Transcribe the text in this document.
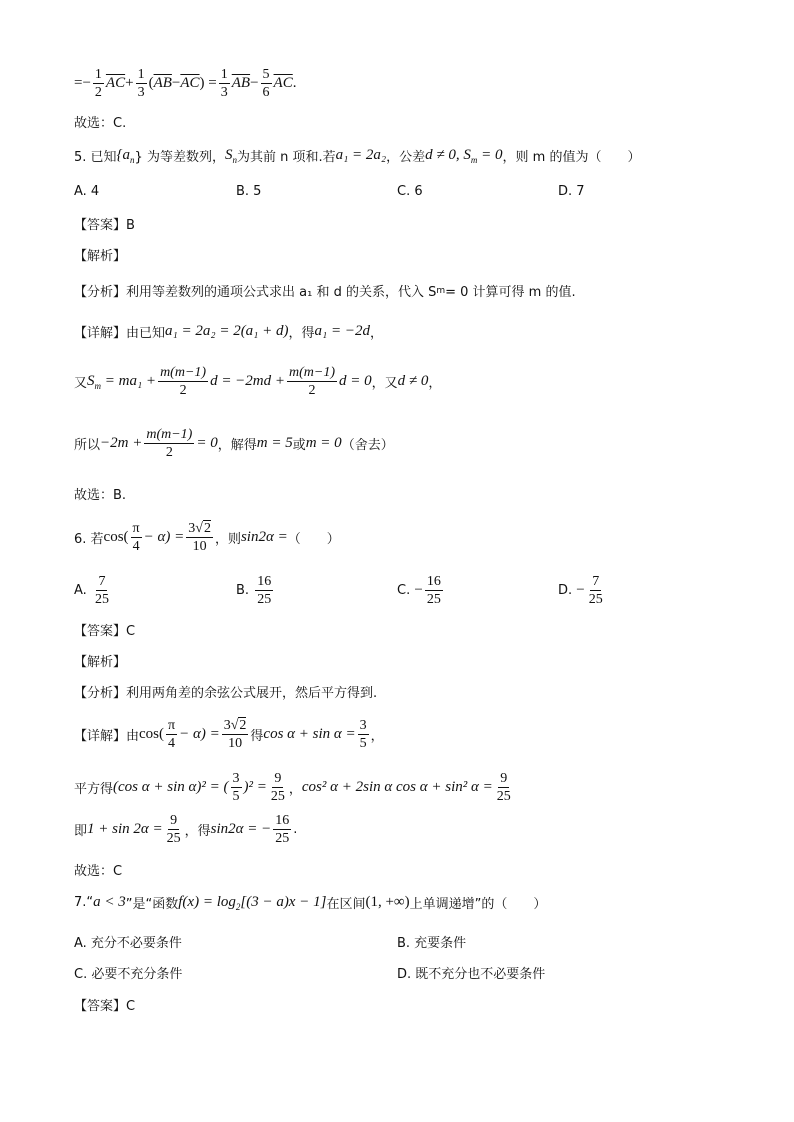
=− $\frac{1}{2} \overline{AC} + \frac{1}{3}$ ( $\overline{AB} - \overline{AC}$ ) = $\frac{1}{3} \overline{AB} - \frac{5}{6} \overline{AC}$ .
故选：C.
5. 已知 {$a_n$ } 为等差数列， $S_n$ 为其前 n 项和.若 a₁ = 2a₂ ，公差 d ≠ 0, $S_m = 0$ ，则 m 的值为（　　）
A. 4	B. 5	C. 6	D. 7
【答案】B
【解析】
【分析】利用等差数列的通项公式求出 a₁ 和 d 的关系，代入 S m = 0 计算可得 m 的值.
【详解】由已知 a₁ = 2a₂ = 2(a₁ + d) ，得 a₁ = −2d ，
又 $S_m = ma_1 + \frac{m(m-1)}{2}$ $d = -2md + \frac{m(m-1)}{2}$ d = 0 ，又 d ≠ 0 ，
所以 $-2m + \frac{m(m-1)}{2} = 0$ ，解得 m = 5 或 m = 0 （舍去）
故选：B.
6. 若 $\cos( \frac{\pi}{4} - \alpha) = \frac{3√2}{10}$ ，则 sin2α = （　　）
A.
$\frac{7}{25}$	B.
$\frac{16}{25}$	C.
− $\frac{16}{25}$	D.
− $\frac{7}{25}$
【答案】C
【解析】
【分析】利用两角差的余弦公式展开，然后平方得到.
【详解】由 $\cos( \frac{\pi}{4} - \alpha) = \frac{3√2}{10}$ 得 $\cos \alpha + \sin \alpha = \frac{3}{5}$ ，
平方得 (cos α + sin α)² = ( $\frac{3}{5} )^2 = \frac{9}{25}$ ， cos² α + 2sin α cos α + sin² $\alpha = \frac{9}{25}$
即 $1 + \sin 2\alpha = \frac{9}{25}$ ，得 sin2α = − $\frac{16}{25}$ .
故选：C
7.“ a < 3 ”是“函数 $f(x) = \log_2[(3 - a)x - 1]$ 在区间 (1, +∞) 上单调递增”的（　　）
A. 充分不必要条件	B. 充要条件
C. 必要不充分条件	D. 既不充分也不必要条件
【答案】C
